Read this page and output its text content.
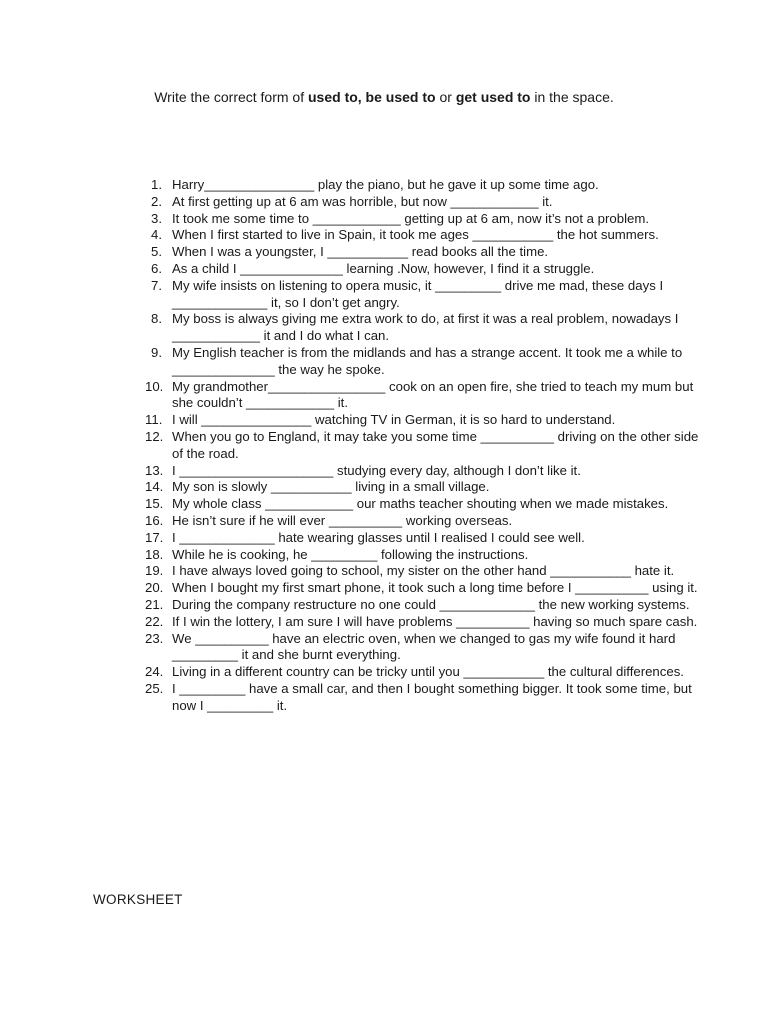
Write the correct form of used to, be used to or get used to in the space.
1. Harry_______________ play the piano, but he gave it up some time ago.
2. At first getting up at 6 am was horrible, but now ____________ it.
3. It took me some time to ____________ getting up at 6 am, now it’s not a problem.
4. When I first started to live in Spain, it took me ages ___________ the hot summers.
5. When I was a youngster, I ___________ read books all the time.
6. As a child I ______________ learning .Now, however, I find it a struggle.
7. My wife insists on listening to opera music, it _________ drive me mad, these days I _____________ it, so I don’t get angry.
8. My boss is always giving me extra work to do, at first it was a real problem, nowadays I ____________ it and I do what I can.
9. My English teacher is from the midlands and has a strange accent. It took me a while to ______________ the way he spoke.
10. My grandmother________________ cook on an open fire, she tried to teach my mum but she couldn’t ____________ it.
11. I will _______________ watching TV in German, it is so hard to understand.
12. When you go to England, it may take you some time __________ driving on the other side of the road.
13. I _____________________ studying every day, although I don’t like it.
14. My son is slowly ___________ living in a small village.
15. My whole class ____________ our maths teacher shouting when we made mistakes.
16. He isn’t sure if he will ever __________ working overseas.
17. I _____________ hate wearing glasses until I realised I could see well.
18. While he is cooking, he _________ following the instructions.
19. I have always loved going to school, my sister on the other hand ___________ hate it.
20. When I bought my first smart phone, it took such a long time before I __________ using it.
21. During the company restructure no one could _____________ the new working systems.
22. If I win the lottery, I am sure I will have problems __________ having so much spare cash.
23. We __________ have an electric oven, when we changed to gas my wife found it hard _________ it and she burnt everything.
24. Living in a different country can be tricky until you ___________ the cultural differences.
25. I _________ have a small car, and then I bought something bigger. It took some time, but now I _________ it.
WORKSHEET
